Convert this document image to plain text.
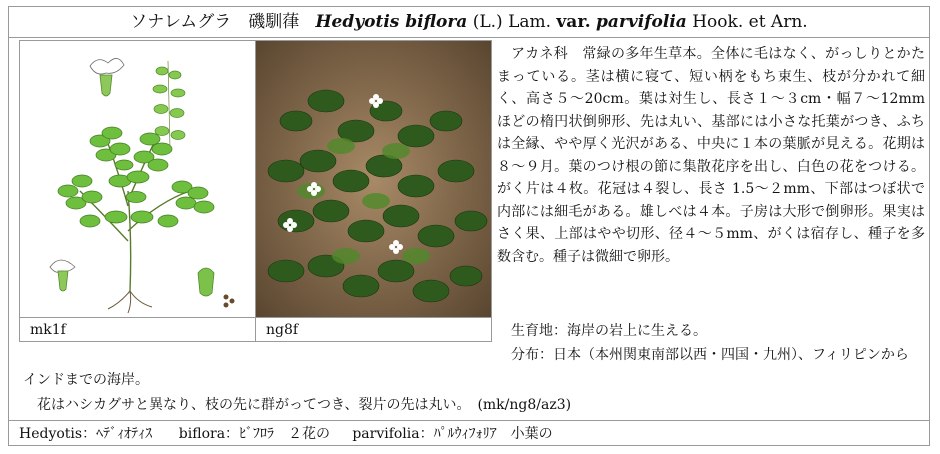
ソナレムグラ　磯馴葎 Hedyotis biflora (L.) Lam. var. parvifolia Hook. et Arn.
mk1f	ng8f

アカネ科　常緑の多年生草本。全体に毛はなく、がっしりとかたまっている。茎は横に寝て、短い柄をもち束生、枝が分かれて細く、高さ５～20cm。葉は対生し、長さ１～３cm・幅７～12mm ほどの楕円状倒卵形、先は丸い、基部には小さな托葉がつき、ふちは全縁、やや厚く光沢がある、中央に１本の葉脈が見える。花期は８～９月。葉のつけ根の節に集散花序を出し、白色の花をつける。がく片は４枚。花冠は４裂し、長さ 1.5～２mm、下部はつぼ状で内部には細毛がある。雄しべは４本。子房は大形で倒卵形。果実はさく果、上部はやや切形、径４～５mm、がくは宿存し、種子を多数含む。種子は微細で卵形。

生育地：海岸の岩上に生える。

分布：日本（本州関東南部以西・四国・九州）、フィリピンから
インドまでの海岸。
花はハシカグサと異なり、枝の先に群がってつき、裂片の先は丸い。　(mk/ng8/az3)
Hedyotis：ﾍﾃﾞｨｵﾃｨｽ biflora：ﾋﾞﾌﾛﾗ　２花の parvifolia：ﾊﾟﾙｳｨﾌｫﾘｱ　小葉の
